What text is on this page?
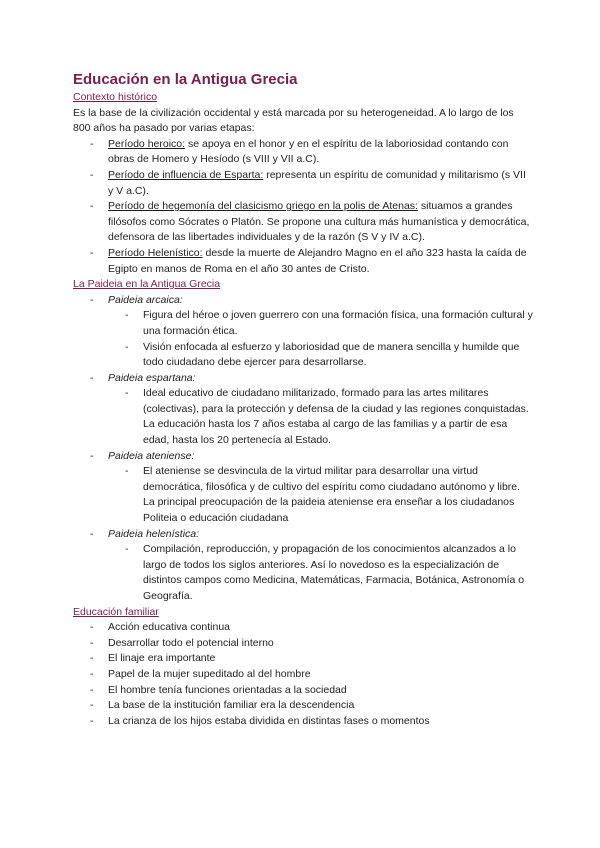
Educación en la Antigua Grecia
Contexto histórico

Es la base de la civilización occidental y está marcada por su heterogeneidad. A lo largo de los 800 años ha pasado por varias etapas:

- Período heroico: se apoya en el honor y en el espíritu de la laboriosidad contando con obras de Homero y Hesíodo (s VIII y VII a.C).
- Período de influencia de Esparta: representa un espíritu de comunidad y militarismo (s VII y V a.C).
- Período de hegemonía del clasicismo griego en la polis de Atenas: situamos a grandes filósofos como Sócrates o Platón. Se propone una cultura más humanística y democrática, defensora de las libertades individuales y de la razón (S V y IV a.C).
- Período Helenístico: desde la muerte de Alejandro Magno en el año 323 hasta la caída de Egipto en manos de Roma en el año 30 antes de Cristo.
La Paideia en la Antigua Grecia
- Paideia arcaica:
- Figura del héroe o joven guerrero con una formación física, una formación cultural y una formación ética.
- Visión enfocada al esfuerzo y laboriosidad que de manera sencilla y humilde que todo ciudadano debe ejercer para desarrollarse.
- Paideia espartana:
- Ideal educativo de ciudadano militarizado, formado para las artes militares (colectivas), para la protección y defensa de la ciudad y las regiones conquistadas.

La educación hasta los 7 años estaba al cargo de las familias y a partir de esa edad, hasta los 20 pertenecía al Estado.

- Paideia ateniense:
- El ateniense se desvincula de la virtud militar para desarrollar una virtud democrática, filosófica y de cultivo del espíritu como ciudadano autónomo y libre. La principal preocupación de la paideia ateniense era enseñar a los ciudadanos Politeia o educación ciudadana
- Paideia helenística:
- Compilación, reproducción, y propagación de los conocimientos alcanzados a lo largo de todos los siglos anteriores. Así lo novedoso es la especialización de distintos campos como Medicina, Matemáticas, Farmacia, Botánica, Astronomía o Geografía.
Educación familiar
- Acción educativa continua
- Desarrollar todo el potencial interno
- El linaje era importante
- Papel de la mujer supeditado al del hombre
- El hombre tenía funciones orientadas a la sociedad
- La base de la institución familiar era la descendencia
- La crianza de los hijos estaba dividida en distintas fases o momentos
